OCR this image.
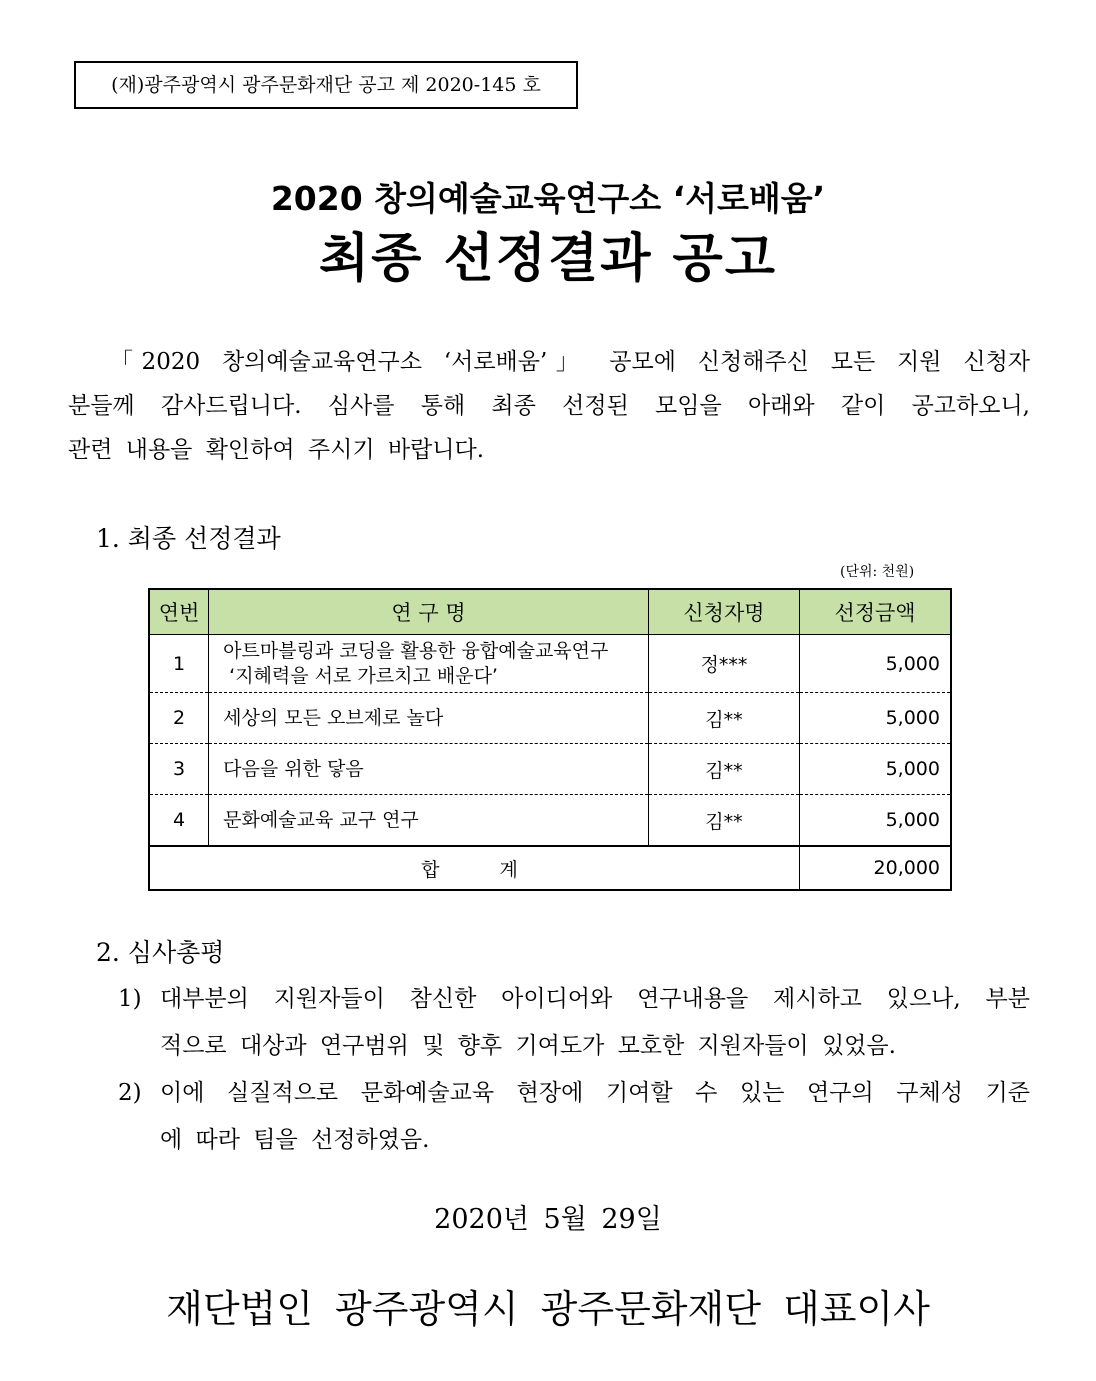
(재)광주광역시 광주문화재단 공고 제 2020-145 호
2020 창의예술교육연구소 ‘서로배움’
최종 선정결과 공고
「2020 창의예술교육연구소 ‘서로배움’」 공모에 신청해주신 모든 지원 신청자
분들께 감사드립니다. 심사를 통해 최종 선정된 모임을 아래와 같이 공고하오니,
관련 내용을 확인하여 주시기 바랍니다.
1. 최종 선정결과
(단위: 천원)
연번	연 구 명	신청자명	선정금액
1	아트마블링과 코딩을 활용한 융합예술교육연구
‘지혜력을 서로 가르치고 배운다’	정***	5,000
2	세상의 모든 오브제로 놀다	김**	5,000
3	다음을 위한 닿음	김**	5,000
4	문화예술교육 교구 연구	김**	5,000
합계			20,000
2. 심사총평
1) 대부분의 지원자들이 참신한 아이디어와 연구내용을 제시하고 있으나, 부분
적으로 대상과 연구범위 및 향후 기여도가 모호한 지원자들이 있었음.
2) 이에 실질적으로 문화예술교육 현장에 기여할 수 있는 연구의 구체성 기준
에 따라 팀을 선정하였음.
2020년 5월 29일
재단법인 광주광역시 광주문화재단 대표이사
